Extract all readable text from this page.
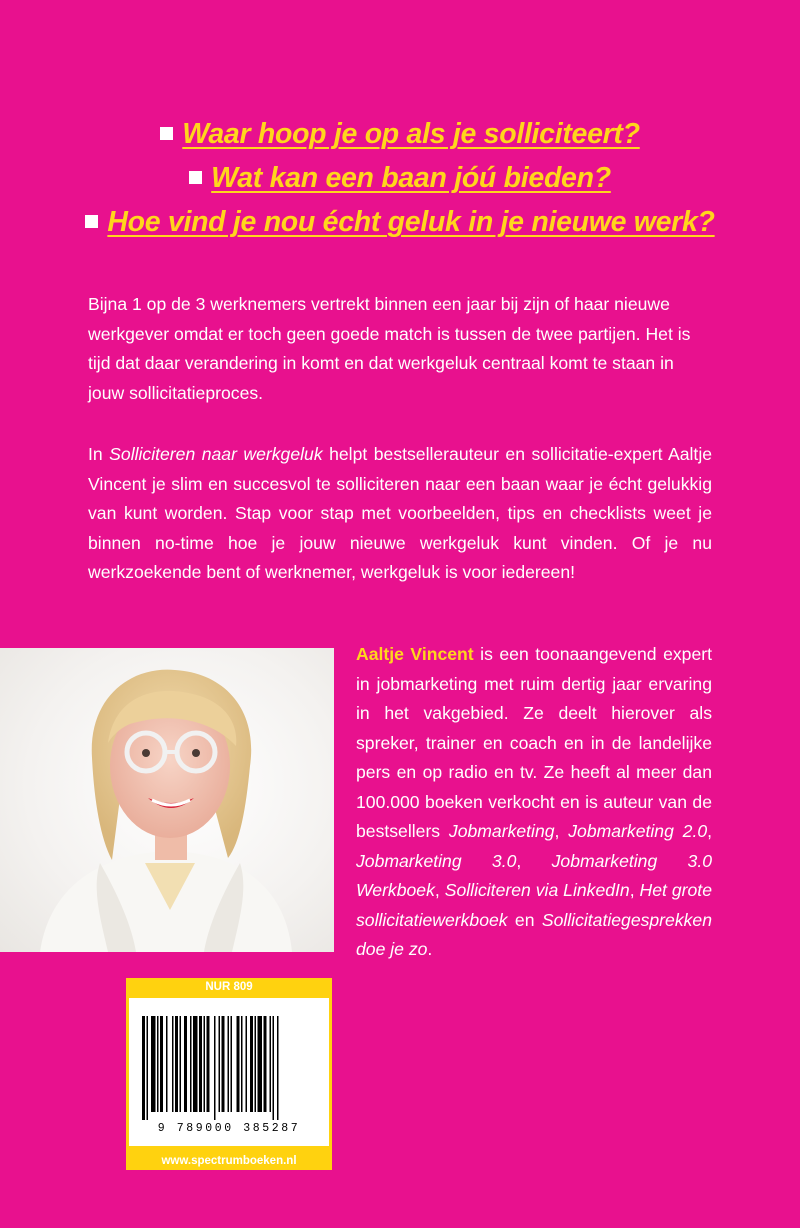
Waar hoop je op als je solliciteert?
Wat kan een baan jóú bieden?
Hoe vind je nou écht geluk in je nieuwe werk?

Bijna 1 op de 3 werknemers vertrekt binnen een jaar bij zijn of haar nieuwe werkgever omdat er toch geen goede match is tussen de twee partijen. Het is tijd dat daar verandering in komt en dat werkgeluk centraal komt te staan in jouw sollicitatieproces.

In Solliciteren naar werkgeluk helpt bestsellerauteur en sollicitatie-expert Aaltje Vincent je slim en succesvol te solliciteren naar een baan waar je écht gelukkig van kunt worden. Stap voor stap met voorbeelden, tips en checklists weet je binnen no-time hoe je jouw nieuwe werkgeluk kunt vinden. Of je nu werkzoekende bent of werknemer, werkgeluk is voor iedereen!

Aaltje Vincent is een toonaangevend expert in jobmarketing met ruim dertig jaar ervaring in het vakgebied. Ze deelt hierover als spreker, trainer en coach en in de landelijke pers en op radio en tv. Ze heeft al meer dan 100.000 boeken verkocht en is auteur van de bestsellers Jobmarketing, Jobmarketing 2.0, Jobmarketing 3.0, Jobmarketing 3.0 Werkboek, Solliciteren via LinkedIn, Het grote sollicitatiewerkboek en Sollicitatiegesprekken doe je zo.

NUR 809
9 789000 385287
www.spectrumboeken.nl
